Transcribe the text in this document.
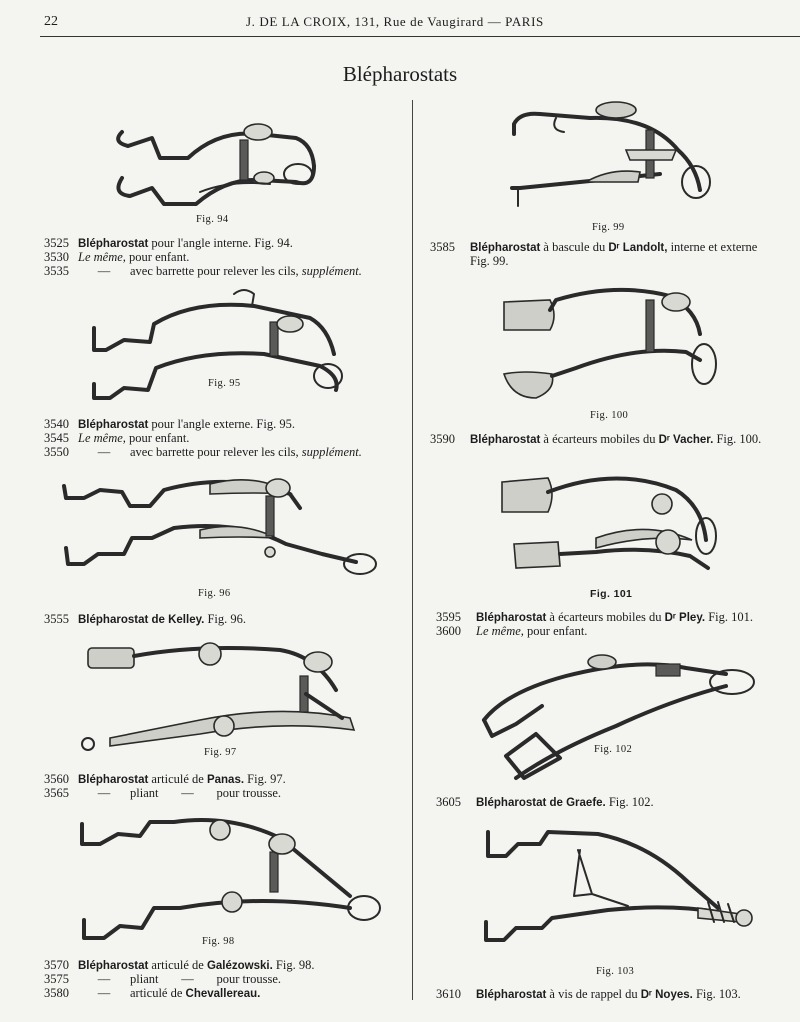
22	J. DE LA CROIX, 131, Rue de Vaugirard — PARIS
Blépharostats
Fig. 94
3525 Blépharostat pour l'angle interne. Fig. 94.
3530 Le même, pour enfant.
3535	— avec barrette pour relever les cils, supplément.
Fig. 95
3540 Blépharostat pour l'angle externe. Fig. 95.
3545 Le même, pour enfant.
3550	— avec barrette pour relever les cils, supplément.
Fig. 96
3555 Blépharostat de Kelley. Fig. 96.
Fig. 97
3560 Blépharostat articulé de Panas. Fig. 97.
3565	— pliant — pour trousse.
Fig. 98
3570 Blépharostat articulé de Galézowski. Fig. 98.
3575	— pliant — pour trousse.
3580	— articulé de Chevallereau.
Fig. 99
3585	Blépharostat à bascule du Dʳ Landolt, interne et externe
Fig. 99.
Fig. 100
3590	Blépharostat à écarteurs mobiles du Dʳ Vacher. Fig. 100.
Fig. 101
3595	Blépharostat à écarteurs mobiles du Dʳ Pley. Fig. 101.
3600	Le même, pour enfant.
Fig. 102
3605	Blépharostat de Graefe. Fig. 102.
Fig. 103
3610	Blépharostat à vis de rappel du Dʳ Noyes. Fig. 103.
